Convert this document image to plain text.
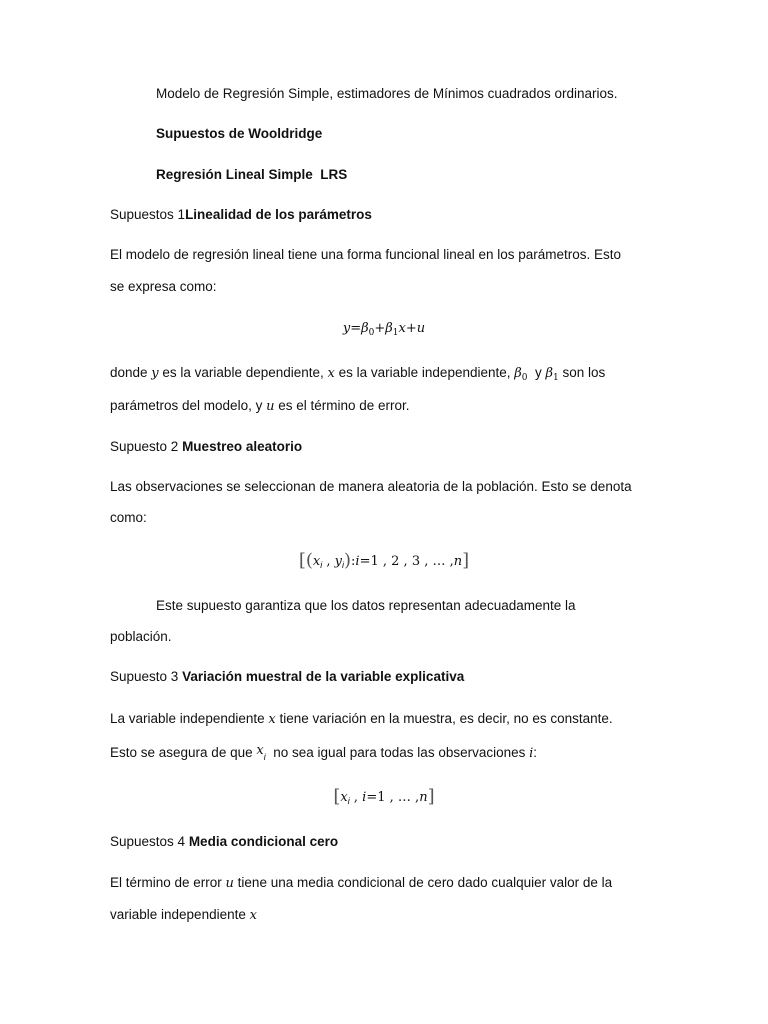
Modelo de Regresión Simple, estimadores de Mínimos cuadrados ordinarios.
Supuestos de Wooldridge
Regresión Lineal Simple  LRS
Supuestos 1Linealidad de los parámetros
El modelo de regresión lineal tiene una forma funcional lineal en los parámetros. Esto
se expresa como:
$y=\beta_0+\beta_1x+u$
donde y es la variable dependiente, x es la variable independiente, $\beta_0$  y $\beta_1$ son los
parámetros del modelo, y u es el término de error.
Supuesto 2 Muestreo aleatorio
Las observaciones se seleccionan de manera aleatoria de la población. Esto se denota
como:
[($x_i$ , $y_i):i=1$ , 2 , 3 , … ,n]
Este supuesto garantiza que los datos representan adecuadamente la
población.
Supuesto 3 Variación muestral de la variable explicativa
La variable independiente x tiene variación en la muestra, es decir, no es constante.
Esto se asegura de que $x_i$  no sea igual para todas las observaciones i:
[$x_i$ , i=1 , … ,n]
Supuestos 4 Media condicional cero
El término de error u tiene una media condicional de cero dado cualquier valor de la
variable independiente x
